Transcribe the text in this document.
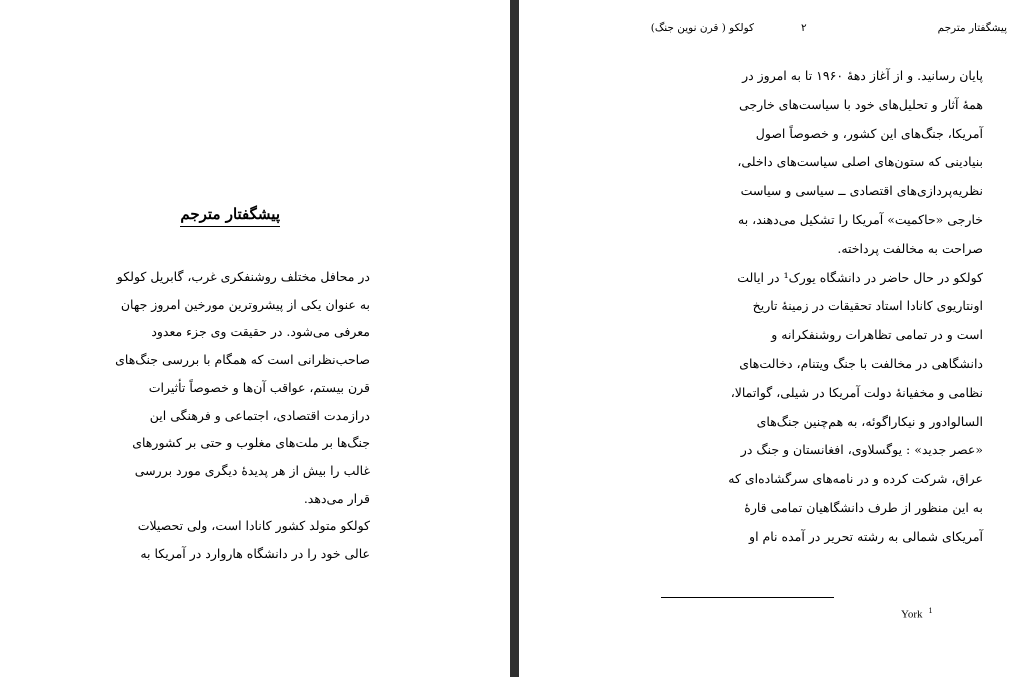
پیشگفتار مترجم
در محافل مختلف روشنفکری غرب، گابریل کولکو
به عنوان یکی از پیشروترین مورخین امروز جهان
معرفی می‌شود. در حقیقت وی جزء معدود
صاحب‌نظرانی است که همگام با بررسی جنگ‌های
قرن بیستم، عواقب آن‌ها و خصوصاً تأثیرات
درازمدت اقتصادی، اجتماعی و فرهنگی این
جنگ‌ها بر ملت‌های مغلوب و حتی بر کشورهای
غالب را بیش از هر پدیدهٔ دیگری مورد بررسی
قرار می‌دهد.
کولکو متولد کشور کانادا است، ولی تحصیلات
عالی خود را در دانشگاه هاروارد در آمریکا به
پیشگفتار مترجم
۲
کولکو ( قرن نوین جنگ)
پایان رسانید. و از آغاز دههٔ ۱۹۶۰ تا به امروز در
همهٔ آثار و تحلیل‌های خود با سیاست‌های خارجی
آمریکا، جنگ‌های این کشور، و خصوصاً اصول
بنیادینی که ستون‌های اصلی سیاست‌های داخلی،
نظریه‌پردازی‌های اقتصادی ــ سیاسی و سیاست
خارجی «حاکمیت» آمریکا را تشکیل می‌دهند، به
صراحت به مخالفت پرداخته.
کولکو در حال حاضر در دانشگاه یورک¹ در ایالت
اونتاریوی کانادا استاد تحقیقات در زمینهٔ تاریخ
است و در تمامی تظاهرات روشنفکرانه و
دانشگاهی در مخالفت با جنگ ویتنام، دخالت‌های
نظامی و مخفیانهٔ دولت آمریکا در شیلی، گواتمالا،
السالوادور و نیکاراگوئه، به هم‌چنین جنگ‌های
«عصر جدید» : یوگسلاوی، افغانستان و جنگ در
عراق، شرکت کرده و در نامه‌های سرگشاده‌ای که
به این منظور از طرف دانشگاهیان تمامی قارهٔ
آمریکای شمالی به رشته تحریر در آمده نام او
York $^1$
